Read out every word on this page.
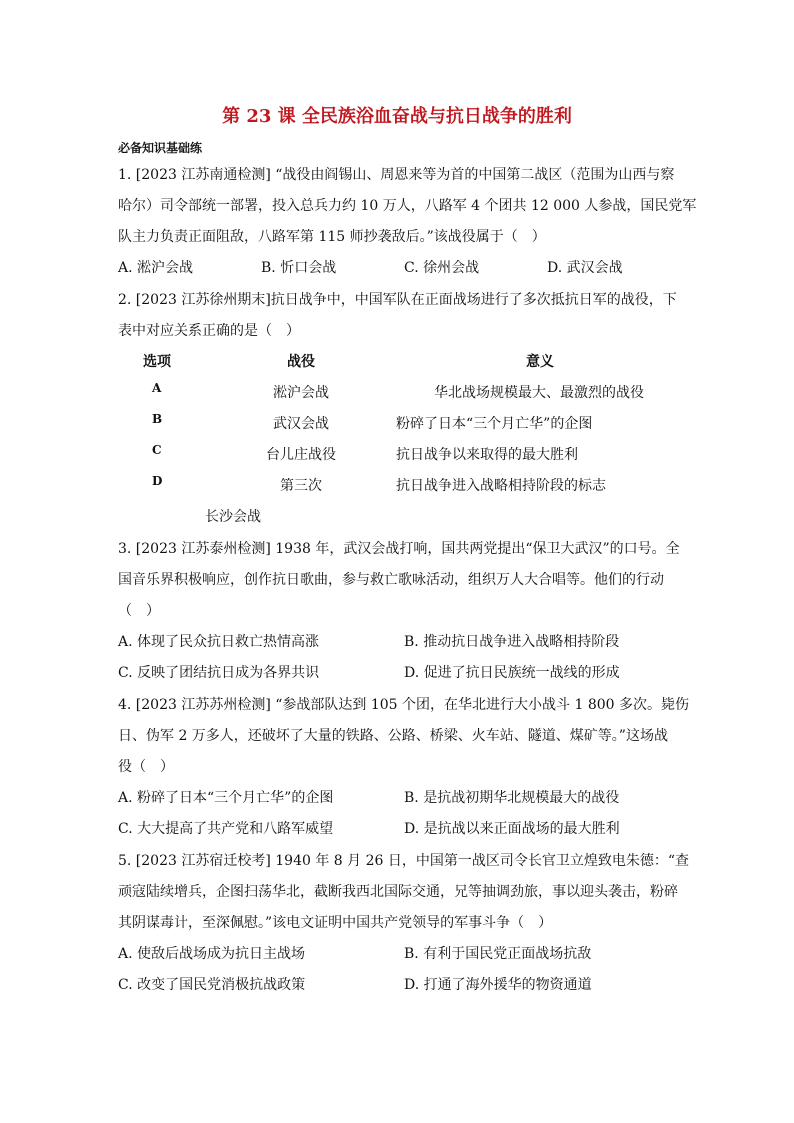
第 23 课 全民族浴血奋战与抗日战争的胜利
必备知识基础练
1. [2023 江苏南通检测] “战役由阎锡山、周恩来等为首的中国第二战区（范围为山西与察
哈尔）司令部统一部署，投入总兵力约 10 万人，八路军 4 个团共 12 000 人参战，国民党军
队主力负责正面阻敌，八路军第 115 师抄袭敌后。”该战役属于（　）
A. 淞沪会战	B. 忻口会战	C. 徐州会战	D. 武汉会战
2. [2023 江苏徐州期末]抗日战争中，中国军队在正面战场进行了多次抵抗日军的战役，下
表中对应关系正确的是（　）
选项	战役	意义
A	淞沪会战	华北战场规模最大、最激烈的战役
B	武汉会战	粉碎了日本“三个月亡华”的企图
C	台儿庄战役	抗日战争以来取得的最大胜利
D	第三次	抗日战争进入战略相持阶段的标志
长沙会战
3. [2023 江苏泰州检测] 1938 年，武汉会战打响，国共两党提出“保卫大武汉”的口号。全
国音乐界积极响应，创作抗日歌曲，参与救亡歌咏活动，组织万人大合唱等。他们的行动
（　）
A. 体现了民众抗日救亡热情高涨	B. 推动抗日战争进入战略相持阶段
C. 反映了团结抗日成为各界共识	D. 促进了抗日民族统一战线的形成
4. [2023 江苏苏州检测] “参战部队达到 105 个团，在华北进行大小战斗 1 800 多次。毙伤
日、伪军 2 万多人，还破坏了大量的铁路、公路、桥梁、火车站、隧道、煤矿等。”这场战
役（　）
A. 粉碎了日本“三个月亡华”的企图	B. 是抗战初期华北规模最大的战役
C. 大大提高了共产党和八路军威望	D. 是抗战以来正面战场的最大胜利
5. [2023 江苏宿迁校考] 1940 年 8 月 26 日，中国第一战区司令长官卫立煌致电朱德：“查
顽寇陆续增兵，企图扫荡华北，截断我西北国际交通，兄等抽调劲旅，事以迎头袭击，粉碎
其阴谋毒计，至深佩慰。”该电文证明中国共产党领导的军事斗争（　）
A. 使敌后战场成为抗日主战场	B. 有利于国民党正面战场抗敌
C. 改变了国民党消极抗战政策	D. 打通了海外援华的物资通道
